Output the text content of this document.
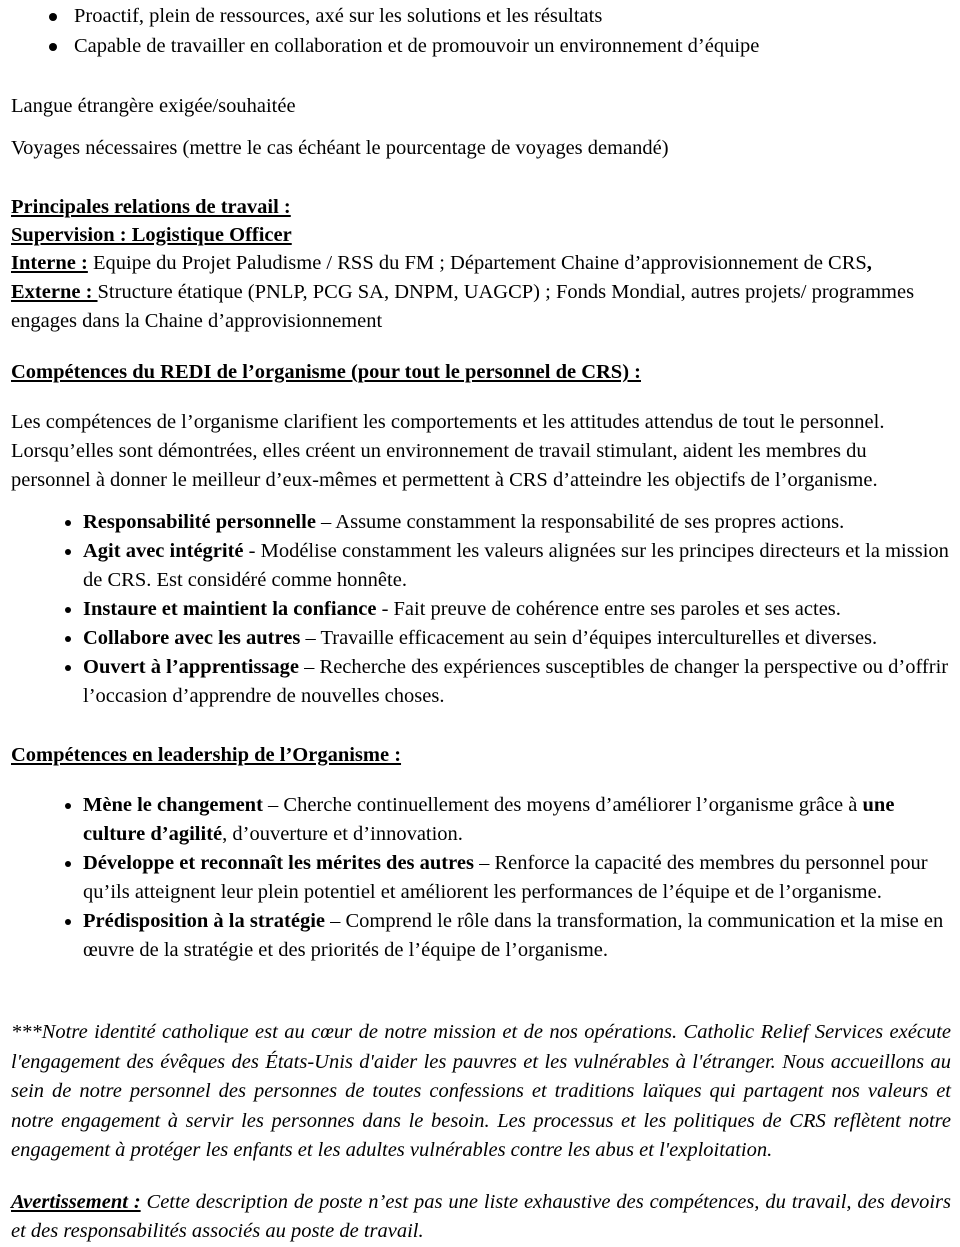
Proactif, plein de ressources, axé sur les solutions et les résultats
Capable de travailler en collaboration et de promouvoir un environnement d’équipe

Langue étrangère exigée/souhaitée

Voyages nécessaires (mettre le cas échéant le pourcentage de voyages demandé)

Principales relations de travail :

Supervision : Logistique Officer

Interne : Equipe du Projet Paludisme / RSS du FM ; Département Chaine d’approvisionnement de CRS,

Externe : Structure étatique (PNLP, PCG SA, DNPM, UAGCP) ; Fonds Mondial, autres projets/ programmes engages dans la Chaine d’approvisionnement

Compétences du REDI de l’organisme (pour tout le personnel de CRS) :

Les compétences de l’organisme clarifient les comportements et les attitudes attendus de tout le personnel. Lorsqu’elles sont démontrées, elles créent un environnement de travail stimulant, aident les membres du personnel à donner le meilleur d’eux-mêmes et permettent à CRS d’atteindre les objectifs de l’organisme.

Responsabilité personnelle – Assume constamment la responsabilité de ses propres actions.
Agit avec intégrité - Modélise constamment les valeurs alignées sur les principes directeurs et la mission de CRS. Est considéré comme honnête.
Instaure et maintient la confiance - Fait preuve de cohérence entre ses paroles et ses actes.
Collabore avec les autres – Travaille efficacement au sein d’équipes interculturelles et diverses.
Ouvert à l’apprentissage – Recherche des expériences susceptibles de changer la perspective ou d’offrir l’occasion d’apprendre de nouvelles choses.

Compétences en leadership de l’Organisme :

Mène le changement – Cherche continuellement des moyens d’améliorer l’organisme grâce à une culture d’agilité, d’ouverture et d’innovation.
Développe et reconnaît les mérites des autres – Renforce la capacité des membres du personnel pour qu’ils atteignent leur plein potentiel et améliorent les performances de l’équipe et de l’organisme.
Prédisposition à la stratégie – Comprend le rôle dans la transformation, la communication et la mise en œuvre de la stratégie et des priorités de l’équipe de l’organisme.

***Notre identité catholique est au cœur de notre mission et de nos opérations. Catholic Relief Services exécute l'engagement des évêques des États-Unis d'aider les pauvres et les vulnérables à l'étranger. Nous accueillons au sein de notre personnel des personnes de toutes confessions et traditions laïques qui partagent nos valeurs et notre engagement à servir les personnes dans le besoin. Les processus et les politiques de CRS reflètent notre engagement à protéger les enfants et les adultes vulnérables contre les abus et l'exploitation.

Avertissement : Cette description de poste n’est pas une liste exhaustive des compétences, du travail, des devoirs et des responsabilités associés au poste de travail.
